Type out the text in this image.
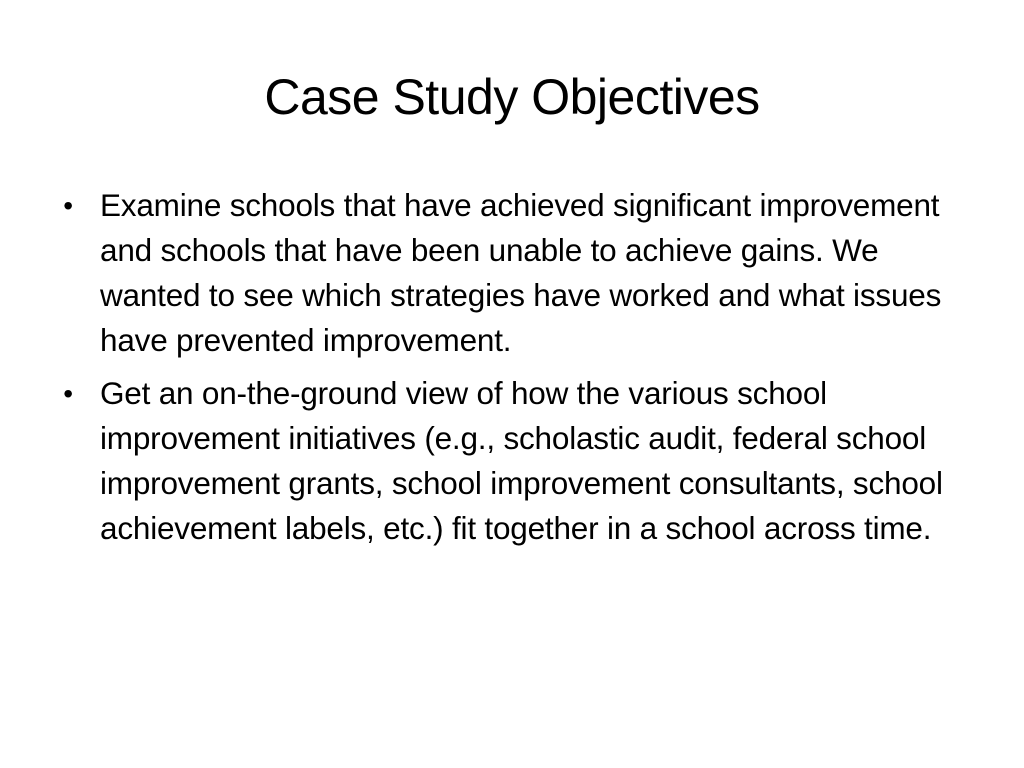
Case Study Objectives
• Examine schools that have achieved significant improvement and schools that have been unable to achieve gains. We wanted to see which strategies have worked and what issues have prevented improvement.
• Get an on-the-ground view of how the various school improvement initiatives (e.g., scholastic audit, federal school improvement grants, school improvement consultants, school achievement labels, etc.) fit together in a school across time.
